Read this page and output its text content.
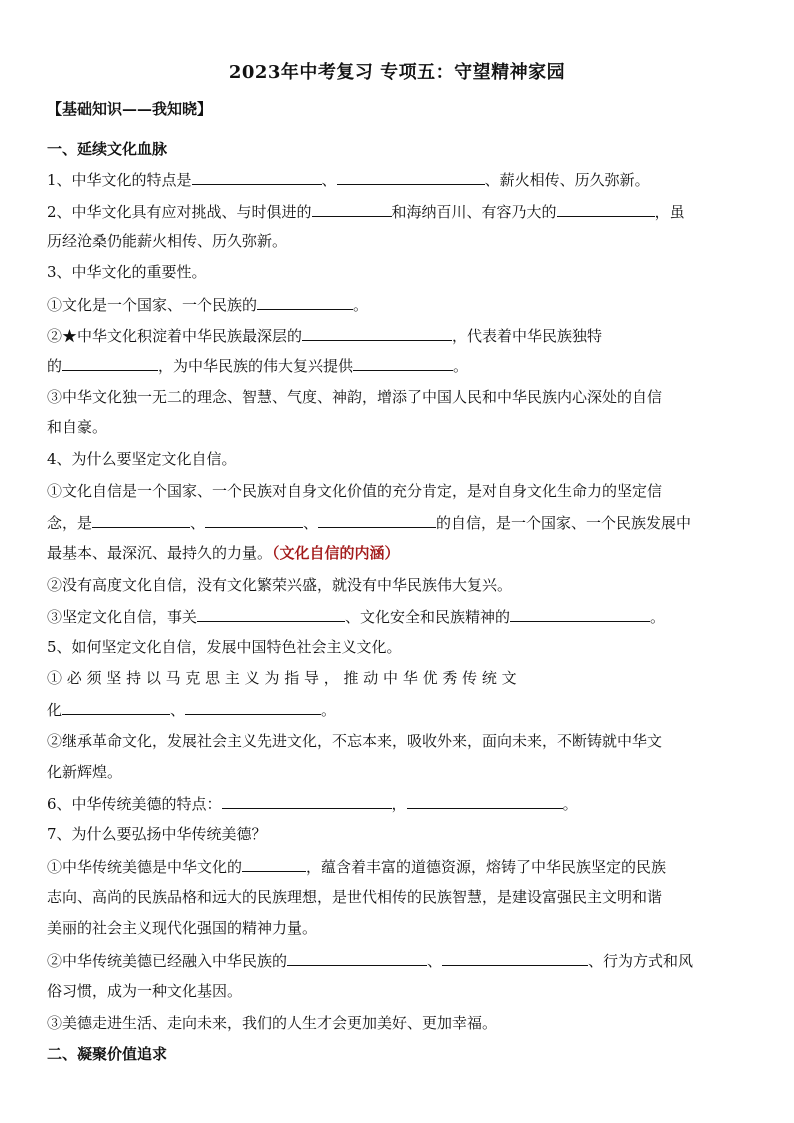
2023年中考复习 专项五：守望精神家园
【基础知识——我知晓】
一、延续文化血脉
1、中华文化的特点是	、	、薪火相传、历久弥新。
2、中华文化具有应对挑战、与时俱进的	和海纳百川、有容乃大的	，虽
历经沧桑仍能薪火相传、历久弥新。
3、中华文化的重要性。
①文化是一个国家、一个民族的	。
②★中华文化积淀着中华民族最深层的	，代表着中华民族独特
的	，为中华民族的伟大复兴提供	。
③中华文化独一无二的理念、智慧、气度、神韵，增添了中国人民和中华民族内心深处的自信
和自豪。
4、为什么要坚定文化自信。
①文化自信是一个国家、一个民族对自身文化价值的充分肯定，是对自身文化生命力的坚定信
念，是	、	、	的自信，是一个国家、一个民族发展中
最基本、最深沉、最持久的力量。（文化自信的内涵）
②没有高度文化自信，没有文化繁荣兴盛，就没有中华民族伟大复兴。
③坚定文化自信，事关	、文化安全和民族精神的	。
5、如何坚定文化自信，发展中国特色社会主义文化。
① 必 须 坚 持 以 马 克 思 主 义 为 指 导 ， 推 动 中 华 优 秀 传 统 文
化	、	。
②继承革命文化，发展社会主义先进文化，不忘本来，吸收外来，面向未来，不断铸就中华文
化新辉煌。
6、中华传统美德的特点：	，	。
7、为什么要弘扬中华传统美德？
①中华传统美德是中华文化的	，蕴含着丰富的道德资源，熔铸了中华民族坚定的民族
志向、高尚的民族品格和远大的民族理想，是世代相传的民族智慧，是建设富强民主文明和谐
美丽的社会主义现代化强国的精神力量。
②中华传统美德已经融入中华民族的	、	、行为方式和风
俗习惯，成为一种文化基因。
③美德走进生活、走向未来，我们的人生才会更加美好、更加幸福。
二、凝聚价值追求
